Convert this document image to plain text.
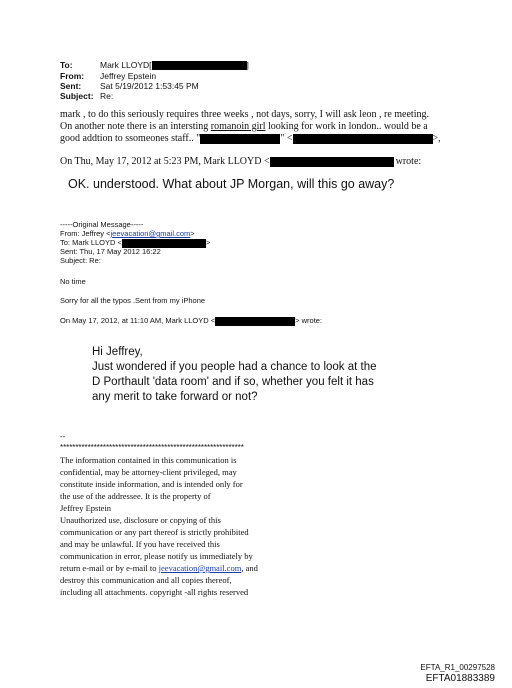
To:	Mark LLOYD[	]
From: Jeffrey Epstein
Sent: Sat 5/19/2012 1:53:45 PM
Subject: Re:
mark , to do this seriously requires three weeks , not days, sorry, I will ask leon , re meeting.
On another note there is an intersting romanoin girl looking for work in london.. would be a
good addtion to ssomeones staff.. "	" <	>,
On Thu, May 17, 2012 at 5:23 PM, Mark LLOYD <	wrote:
OK. understood. What about JP Morgan, will this go away?
-----Original Message-----
From: Jeffrey <jeevacation@gmail.com>
To: Mark LLOYD <	>
Sent: Thu, 17 May 2012 16:22
Subject: Re:
No time
Sorry for all the typos .Sent from my iPhone
On May 17, 2012, at 11:10 AM, Mark LLOYD <	> wrote:
Hi Jeffrey,
Just wondered if you people had a chance to look at the
D Porthault 'data room' and if so, whether you felt it has
any merit to take forward or not?
--
************************************************************
The information contained in this communication is
confidential, may be attorney-client privileged, may
constitute inside information, and is intended only for
the use of the addressee. It is the property of
Jeffrey Epstein
Unauthorized use, disclosure or copying of this
communication or any part thereof is strictly prohibited
and may be unlawful. If you have received this
communication in error, please notify us immediately by
return e-mail or by e-mail to jeevacation@gmail.com, and
destroy this communication and all copies thereof,
including all attachments. copyright -all rights reserved
EFTA_R1_00297528
EFTA01883389
